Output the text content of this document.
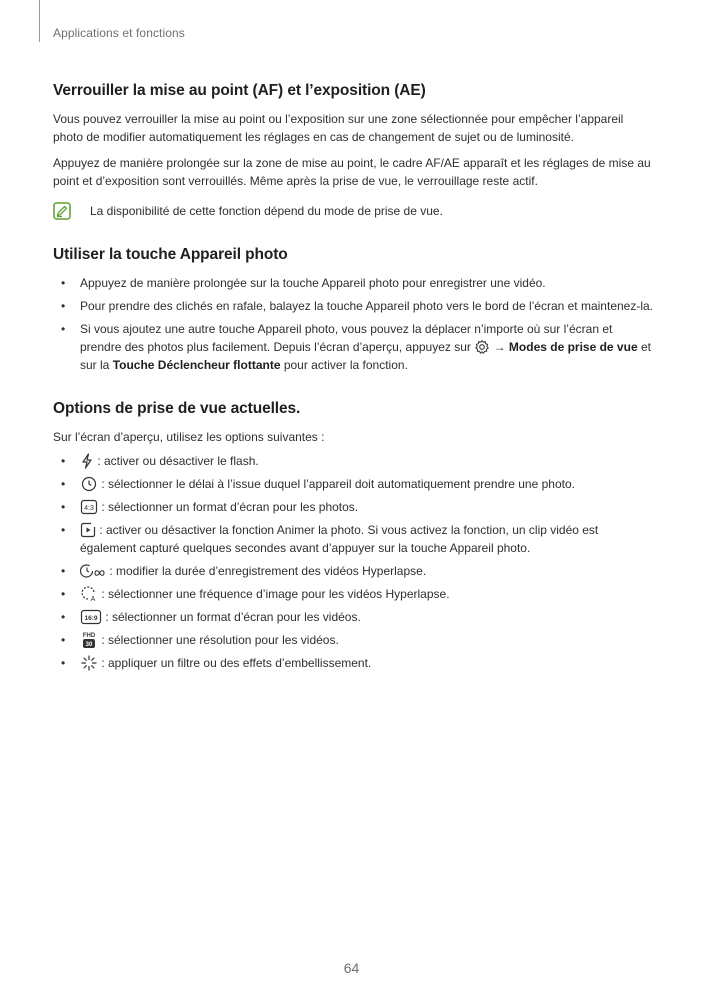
Applications et fonctions
Verrouiller la mise au point (AF) et l’exposition (AE)

Vous pouvez verrouiller la mise au point ou l’exposition sur une zone sélectionnée pour empêcher l’appareil photo de modifier automatiquement les réglages en cas de changement de sujet ou de luminosité.

Appuyez de manière prolongée sur la zone de mise au point, le cadre AF/AE apparaît et les réglages de mise au point et d’exposition sont verrouillés. Même après la prise de vue, le verrouillage reste actif.

La disponibilité de cette fonction dépend du mode de prise de vue.
Utiliser la touche Appareil photo
• Appuyez de manière prolongée sur la touche Appareil photo pour enregistrer une vidéo.
• Pour prendre des clichés en rafale, balayez la touche Appareil photo vers le bord de l’écran et maintenez-la.
• Si vous ajoutez une autre touche Appareil photo, vous pouvez la déplacer n’importe où sur l’écran et prendre des photos plus facilement. Depuis l’écran d’aperçu, appuyez sur  → Modes de prise de vue et sur la Touche Déclencheur flottante pour activer la fonction.
Options de prise de vue actuelles.

Sur l’écran d’aperçu, utilisez les options suivantes :

• : activer ou désactiver le flash.
•	: sélectionner le délai à l’issue duquel l’appareil doit automatiquement prendre une photo.
•	4:3 : sélectionner un format d’écran pour les photos.
•	: activer ou désactiver la fonction Animer la photo. Si vous activez la fonction, un clip vidéo est également capturé quelques secondes avant d’appuyer sur la touche Appareil photo.
•	: modifier la durée d’enregistrement des vidéos Hyperlapse.
•	A : sélectionner une fréquence d’image pour les vidéos Hyperlapse.
•	16:9 : sélectionner un format d’écran pour les vidéos.
•	FHD
30 : sélectionner une résolution pour les vidéos.
•	: appliquer un filtre ou des effets d’embellissement.
64
